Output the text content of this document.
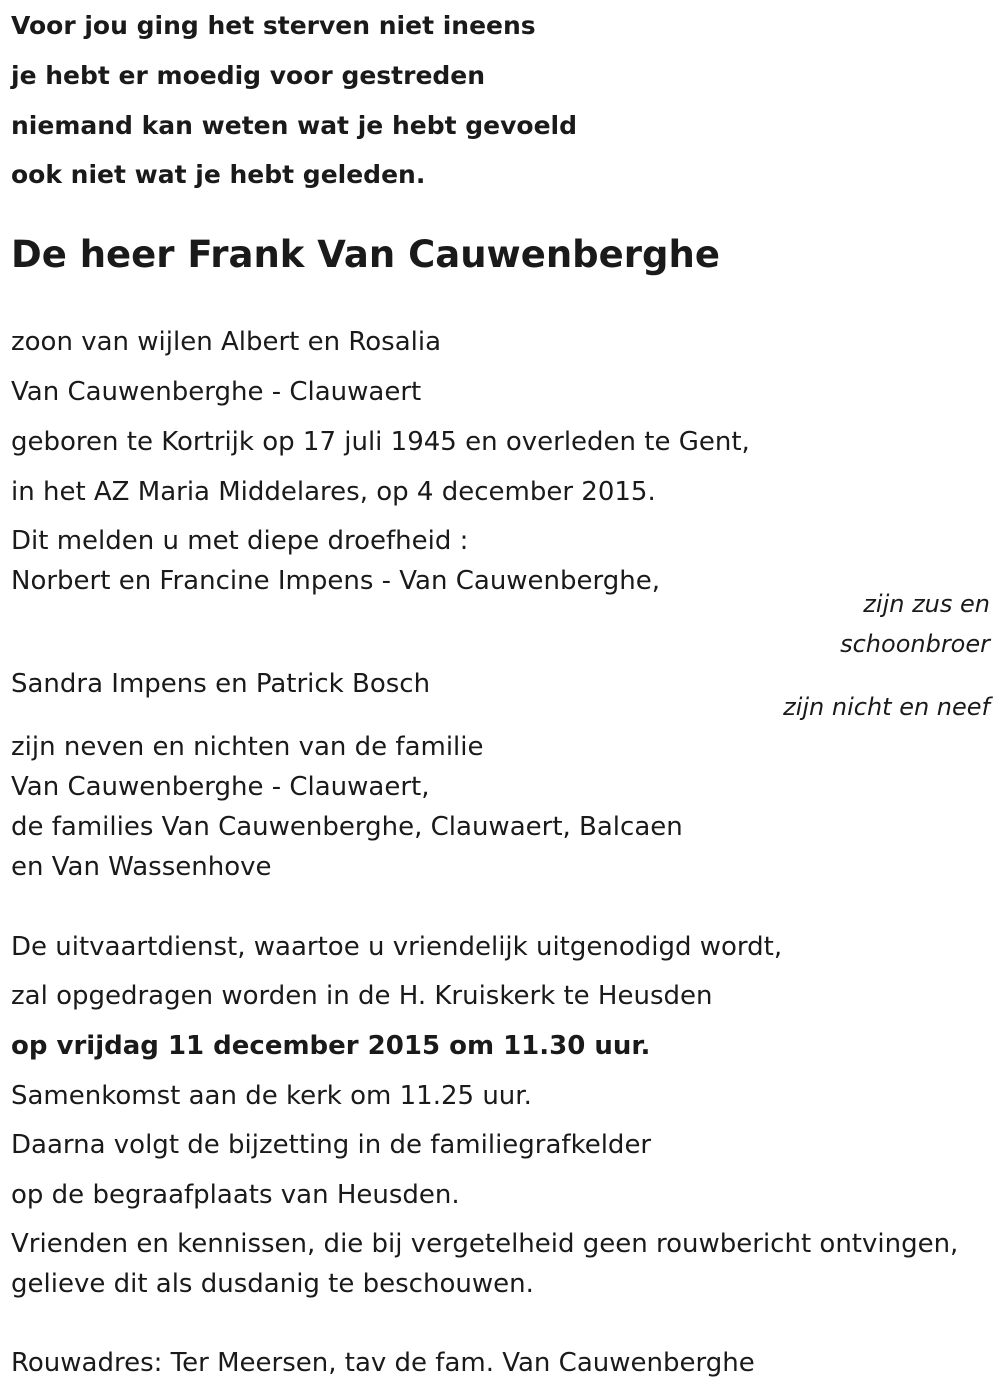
Voor jou ging het sterven niet ineens
je hebt er moedig voor gestreden
niemand kan weten wat je hebt gevoeld
ook niet wat je hebt geleden.
De heer Frank Van Cauwenberghe
zoon van wijlen Albert en Rosalia
Van Cauwenberghe - Clauwaert
geboren te Kortrijk op 17 juli 1945 en overleden te Gent,
in het AZ Maria Middelares, op 4 december 2015.
Dit melden u met diepe droefheid :
Norbert en Francine Impens - Van Cauwenberghe,
zijn zus en
schoonbroer
Sandra Impens en Patrick Bosch
zijn nicht en neef
zijn neven en nichten van de familie
Van Cauwenberghe - Clauwaert,
de families Van Cauwenberghe, Clauwaert, Balcaen
en Van Wassenhove
De uitvaartdienst, waartoe u vriendelijk uitgenodigd wordt,
zal opgedragen worden in de H. Kruiskerk te Heusden
op vrijdag 11 december 2015 om 11.30 uur.
Samenkomst aan de kerk om 11.25 uur.
Daarna volgt de bijzetting in de familiegrafkelder
op de begraafplaats van Heusden.
Vrienden en kennissen, die bij vergetelheid geen rouwbericht ontvingen,
gelieve dit als dusdanig te beschouwen.
Rouwadres: Ter Meersen, tav de fam. Van Cauwenberghe
